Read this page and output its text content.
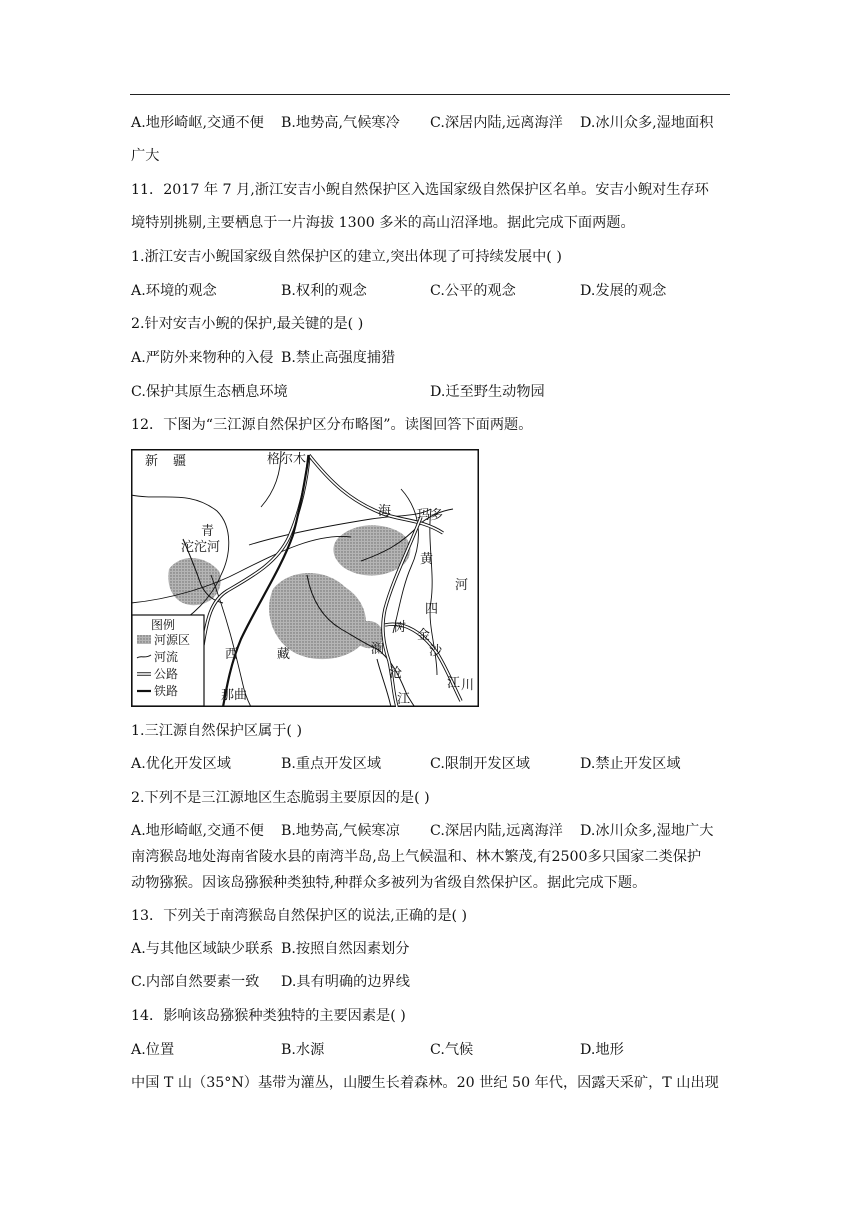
A.地形崎岖,交通不便 B.地势高,气候寒冷 C.深居内陆,远离海洋 D.冰川众多,湿地面积
广大
11．2017 年 7 月,浙江安吉小鲵自然保护区入选国家级自然保护区名单。安吉小鲵对生存环
境特别挑剔,主要栖息于一片海拔 1300 多米的高山沼泽地。据此完成下面两题。
1.浙江安吉小鲵国家级自然保护区的建立,突出体现了可持续发展中( )
A.环境的观念	B.权利的观念	C.公平的观念	D.发展的观念
2.针对安吉小鲵的保护,最关键的是( )
A.严防外来物种的入侵 B.禁止高强度捕猎
C.保护其原生态栖息环境	D.迁至野生动物园
12．下图为“三江源自然保护区分布略图”。读图回答下面两题。
新 疆	格尔木
青
海 玛多
沱沱河
黄
四
河
树
金
沙
江 川
澜
沧
江
西	藏
那曲
图例
河源区
河流
公路
铁路
1.三江源自然保护区属于( )
A.优化开发区域	B.重点开发区域	C.限制开发区域	D.禁止开发区域
2.下列不是三江源地区生态脆弱主要原因的是( )
A.地形崎岖,交通不便 B.地势高,气候寒凉 C.深居内陆,远离海洋 D.冰川众多,湿地广大
南湾猴岛地处海南省陵水县的南湾半岛,岛上气候温和、林木繁茂,有2500多只国家二类保护
动物猕猴。因该岛猕猴种类独特,种群众多被列为省级自然保护区。据此完成下题。
13．下列关于南湾猴岛自然保护区的说法,正确的是( )
A.与其他区域缺少联系 B.按照自然因素划分
C.内部自然要素一致 D.具有明确的边界线
14．影响该岛猕猴种类独特的主要因素是( )
A.位置	B.水源	C.气候	D.地形
中国 T 山（35°N）基带为灌丛，山腰生长着森林。20 世纪 50 年代，因露天采矿，T 山出现
